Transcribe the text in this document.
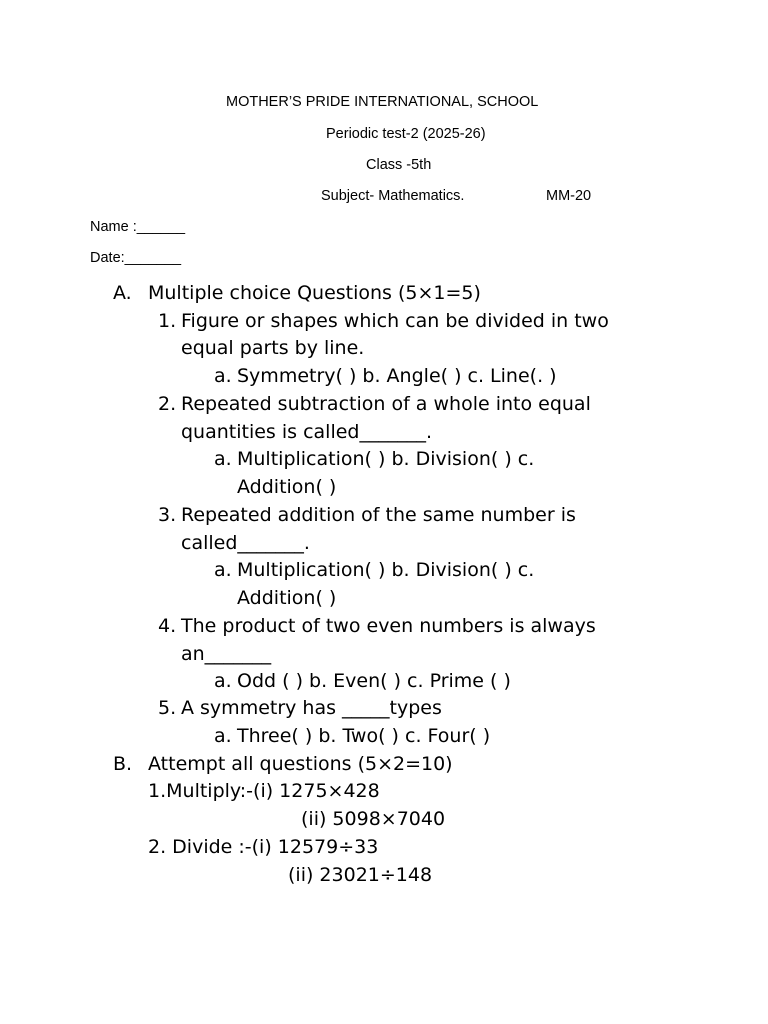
MOTHER’S PRIDE INTERNATIONAL, SCHOOL
Periodic test-2 (2025-26)
Class -5th
Subject- Mathematics.	MM-20
Name :______
Date:_______
A. Multiple choice Questions (5×1=5)
1. Figure or shapes which can be divided in two
equal parts by line.
a. Symmetry( ) b. Angle( ) c. Line(. )
2. Repeated subtraction of a whole into equal
quantities is called_______.
a. Multiplication( ) b. Division( ) c.
Addition( )
3. Repeated addition of the same number is
called_______.
a. Multiplication( ) b. Division( ) c.
Addition( )
4. The product of two even numbers is always
an_______
a. Odd ( ) b. Even( ) c. Prime ( )
5. A symmetry has _____types
a. Three( ) b. Two( ) c. Four( )
B. Attempt all questions (5×2=10)
1.Multiply:-(i) 1275×428
(ii) 5098×7040
2. Divide :-(i) 12579÷33
(ii) 23021÷148
